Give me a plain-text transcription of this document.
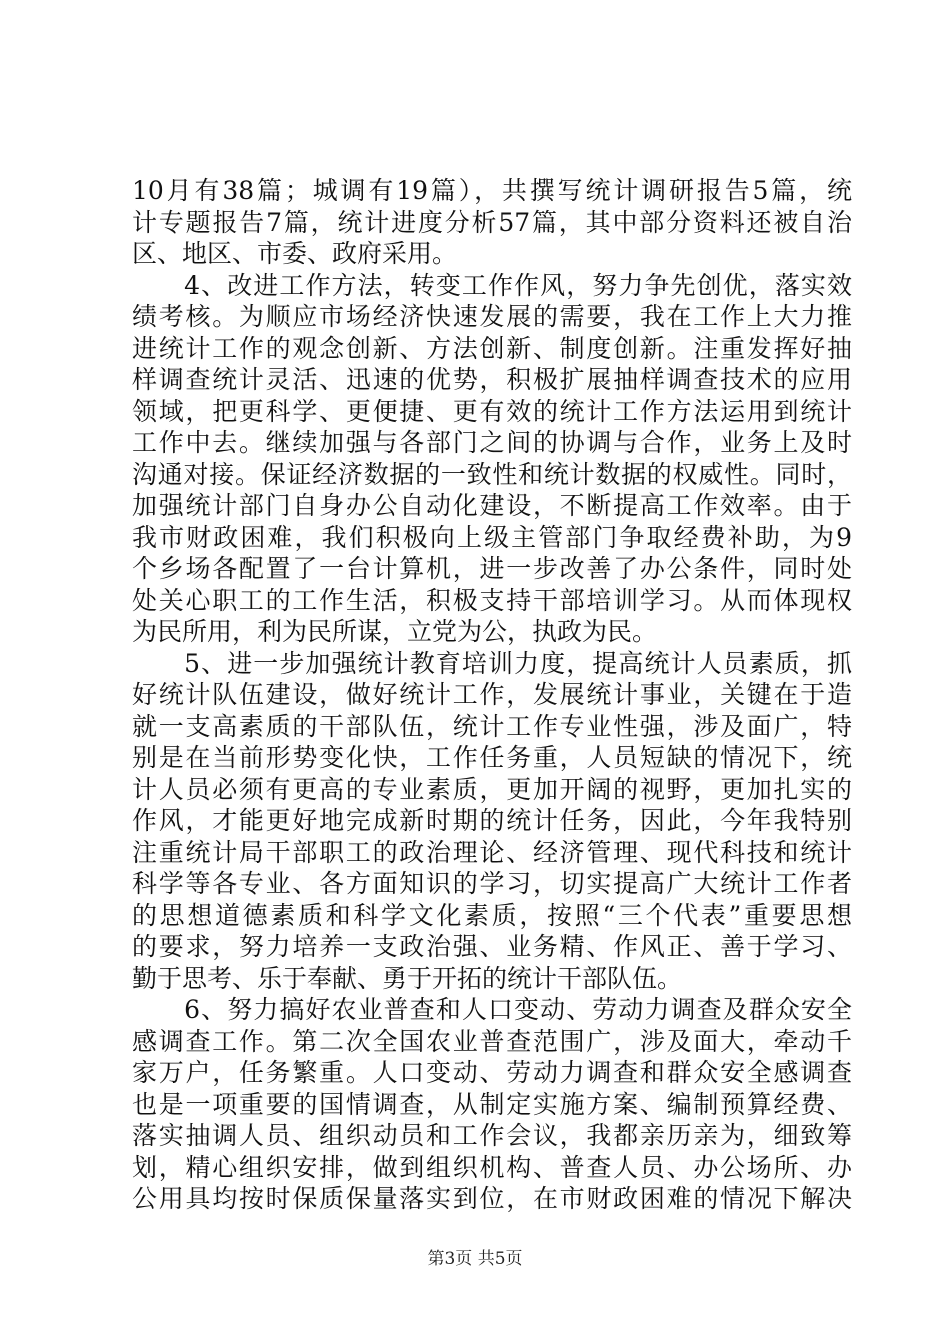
10月有38篇；城调有19篇），共撰写统计调研报告5篇，统
计专题报告7篇，统计进度分析57篇，其中部分资料还被自治
区、地区、市委、政府采用。
　　4、改进工作方法，转变工作作风，努力争先创优，落实效
绩考核。为顺应市场经济快速发展的需要，我在工作上大力推
进统计工作的观念创新、方法创新、制度创新。注重发挥好抽
样调查统计灵活、迅速的优势，积极扩展抽样调查技术的应用
领域，把更科学、更便捷、更有效的统计工作方法运用到统计
工作中去。继续加强与各部门之间的协调与合作，业务上及时
沟通对接。保证经济数据的一致性和统计数据的权威性。同时，
加强统计部门自身办公自动化建设，不断提高工作效率。由于
我市财政困难，我们积极向上级主管部门争取经费补助，为9
个乡场各配置了一台计算机，进一步改善了办公条件，同时处
处关心职工的工作生活，积极支持干部培训学习。从而体现权
为民所用，利为民所谋，立党为公，执政为民。
　　5、进一步加强统计教育培训力度，提高统计人员素质，抓
好统计队伍建设，做好统计工作，发展统计事业，关键在于造
就一支高素质的干部队伍，统计工作专业性强，涉及面广，特
别是在当前形势变化快，工作任务重，人员短缺的情况下，统
计人员必须有更高的专业素质，更加开阔的视野，更加扎实的
作风，才能更好地完成新时期的统计任务，因此，今年我特别
注重统计局干部职工的政治理论、经济管理、现代科技和统计
科学等各专业、各方面知识的学习，切实提高广大统计工作者
的思想道德素质和科学文化素质，按照“三个代表”重要思想
的要求，努力培养一支政治强、业务精、作风正、善于学习、
勤于思考、乐于奉献、勇于开拓的统计干部队伍。
　　6、努力搞好农业普查和人口变动、劳动力调查及群众安全
感调查工作。第二次全国农业普查范围广，涉及面大，牵动千
家万户，任务繁重。人口变动、劳动力调查和群众安全感调查
也是一项重要的国情调查，从制定实施方案、编制预算经费、
落实抽调人员、组织动员和工作会议，我都亲历亲为，细致筹
划，精心组织安排，做到组织机构、普查人员、办公场所、办
公用具均按时保质保量落实到位，在市财政困难的情况下解决
第3页 共5页
